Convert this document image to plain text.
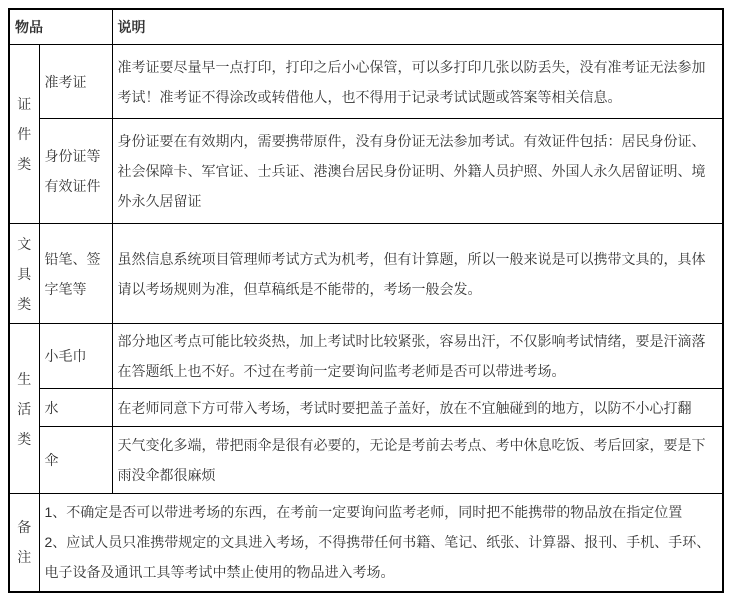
物品		说明
证件类	准考证	准考证要尽量早一点打印，打印之后小心保管，可以多打印几张以防丢失，没有准考证无法参加考试！准考证不得涂改或转借他人，也不得用于记录考试试题或答案等相关信息。
	身份证等有效证件	身份证要在有效期内，需要携带原件，没有身份证无法参加考试。有效证件包括：居民身份证、社会保障卡、军官证、士兵证、港澳台居民身份证明、外籍人员护照、外国人永久居留证明、境外永久居留证
文具类	铅笔、签字笔等	虽然信息系统项目管理师考试方式为机考，但有计算题，所以一般来说是可以携带文具的，具体请以考场规则为准，但草稿纸是不能带的，考场一般会发。
生活类	小毛巾	部分地区考点可能比较炎热，加上考试时比较紧张，容易出汗，不仅影响考试情绪，要是汗滴落在答题纸上也不好。不过在考前一定要询问监考老师是否可以带进考场。
	水	在老师同意下方可带入考场，考试时要把盖子盖好，放在不宜触碰到的地方，以防不小心打翻
	伞	天气变化多端，带把雨伞是很有必要的，无论是考前去考点、考中休息吃饭、考后回家，要是下雨没伞都很麻烦
备注	1、不确定是否可以带进考场的东西，在考前一定要询问监考老师，同时把不能携带的物品放在指定位置
2、应试人员只准携带规定的文具进入考场，不得携带任何书籍、笔记、纸张、计算器、报刊、手机、手环、电子设备及通讯工具等考试中禁止使用的物品进入考场。	
